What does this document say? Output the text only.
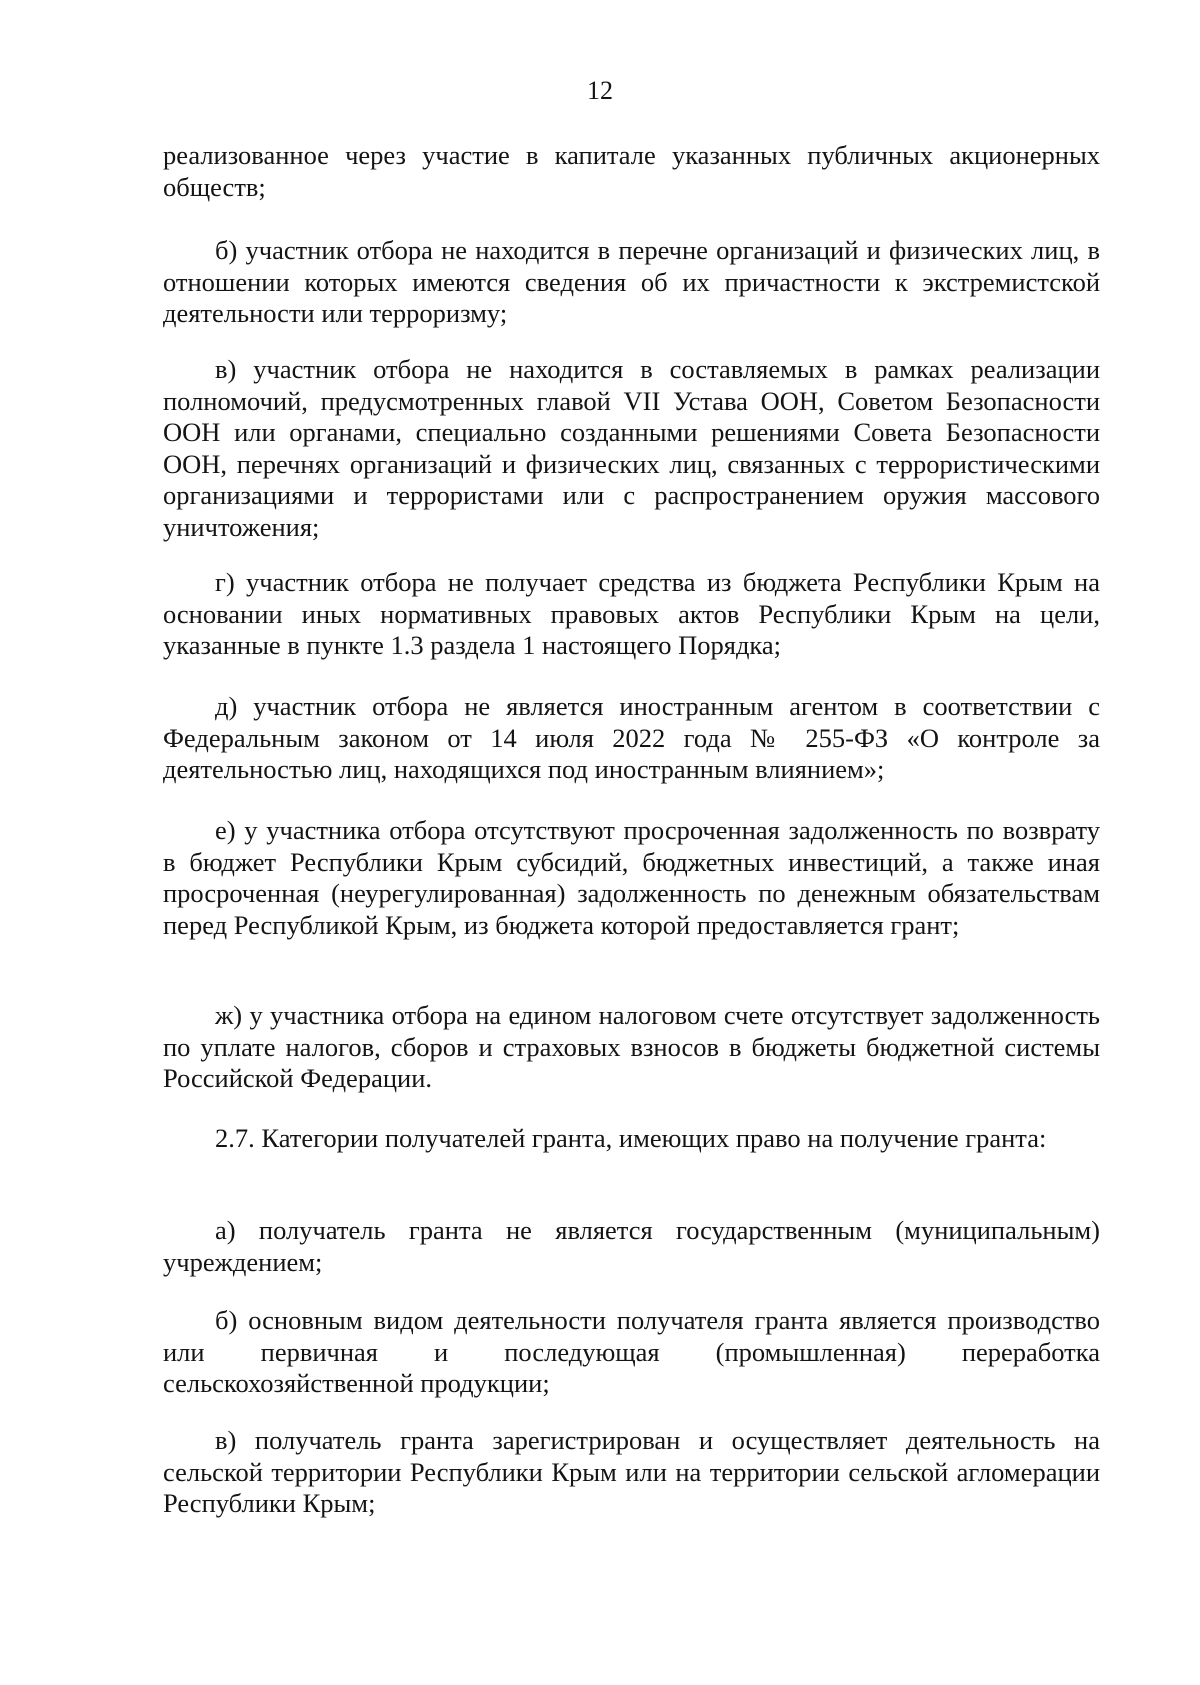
12

реализованное через участие в капитале указанных публичных акционерных обществ;

б) участник отбора не находится в перечне организаций и физических лиц, в отношении которых имеются сведения об их причастности к экстремистской деятельности или терроризму;

в) участник отбора не находится в составляемых в рамках реализации полномочий, предусмотренных главой VII Устава ООН, Советом Безопасности ООН или органами, специально созданными решениями Совета Безопасности ООН, перечнях организаций и физических лиц, связанных с террористическими организациями и террористами или с распространением оружия массового уничтожения;

г) участник отбора не получает средства из бюджета Республики Крым на основании иных нормативных правовых актов Республики Крым на цели, указанные в пункте 1.3 раздела 1 настоящего Порядка;

д) участник отбора не является иностранным агентом в соответствии с Федеральным законом от 14 июля 2022 года № 255-ФЗ «О контроле за деятельностью лиц, находящихся под иностранным влиянием»;

е) у участника отбора отсутствуют просроченная задолженность по возврату в бюджет Республики Крым субсидий, бюджетных инвестиций, а также иная просроченная (неурегулированная) задолженность по денежным обязательствам перед Республикой Крым, из бюджета которой предоставляется грант;

ж) у участника отбора на едином налоговом счете отсутствует задолженность по уплате налогов, сборов и страховых взносов в бюджеты бюджетной системы Российской Федерации.

2.7. Категории получателей гранта, имеющих право на получение гранта:

а) получатель гранта не является государственным (муниципальным) учреждением;

б) основным видом деятельности получателя гранта является производство или первичная и последующая (промышленная) переработка сельскохозяйственной продукции;

в) получатель гранта зарегистрирован и осуществляет деятельность на сельской территории Республики Крым или на территории сельской агломерации Республики Крым;
